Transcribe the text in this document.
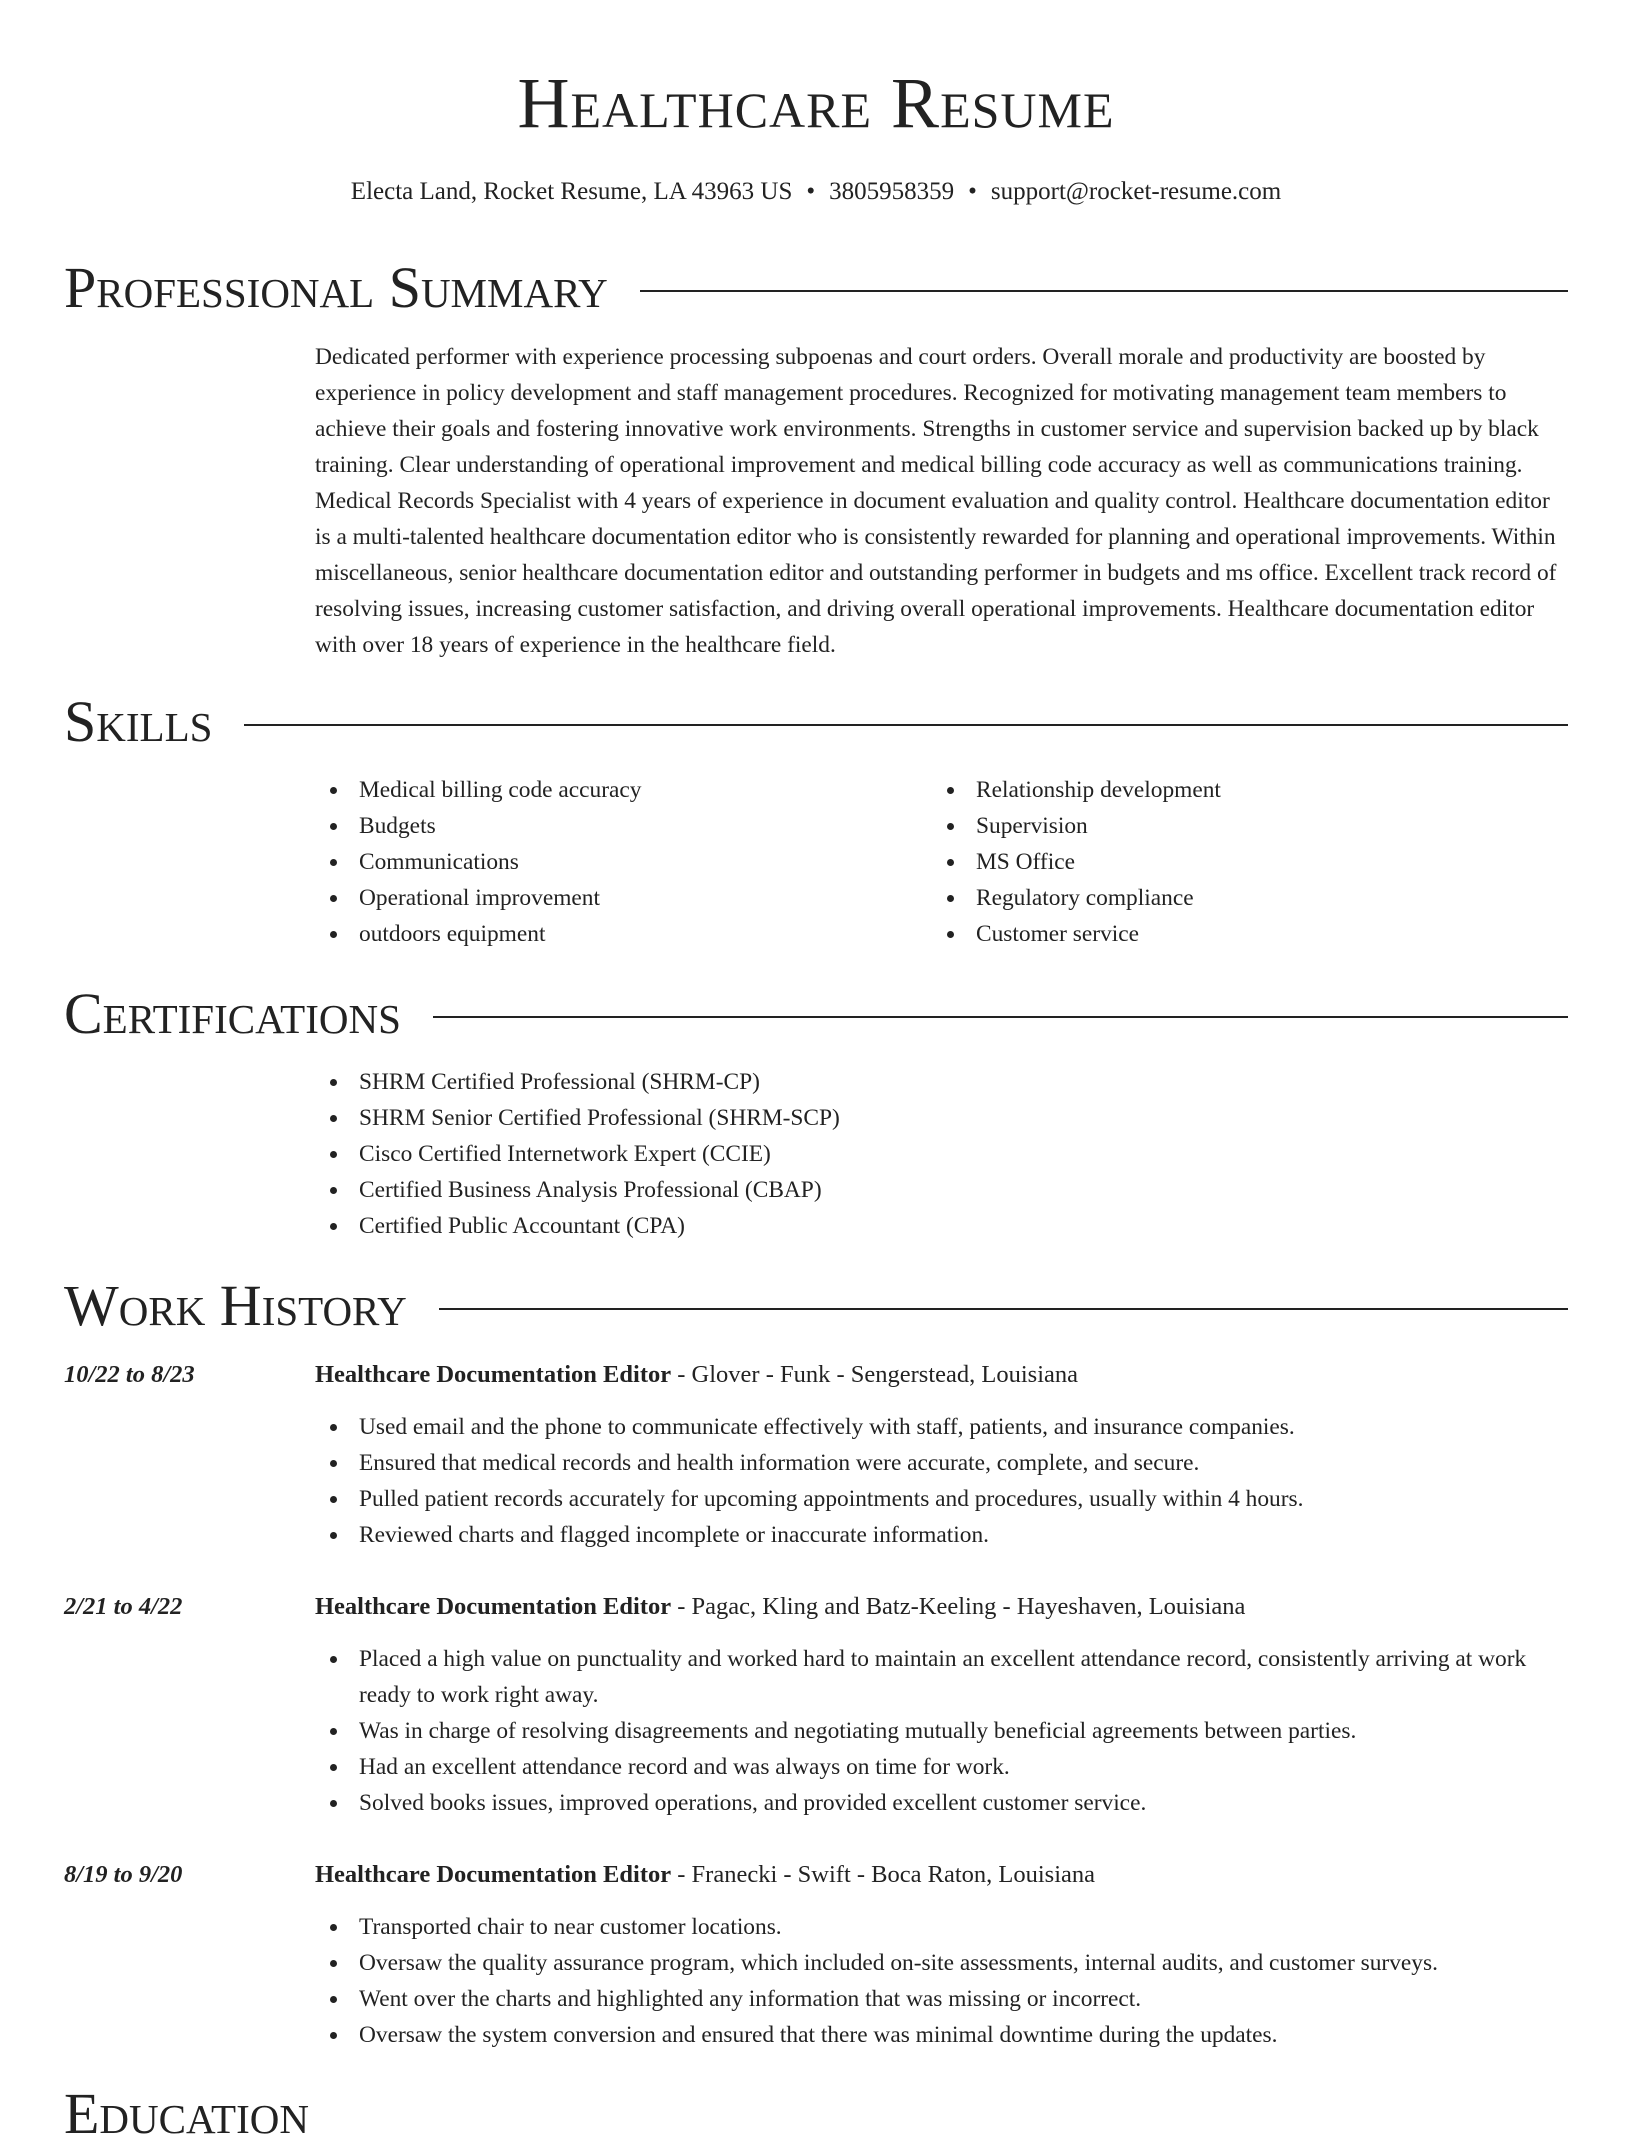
Healthcare Resume
Electa Land, Rocket Resume, LA 43963 US • 3805958359 • support@rocket-resume.com
Professional Summary

Dedicated performer with experience processing subpoenas and court orders. Overall morale and productivity are boosted by experience in policy development and staff management procedures. Recognized for motivating management team members to achieve their goals and fostering innovative work environments. Strengths in customer service and supervision backed up by black training. Clear understanding of operational improvement and medical billing code accuracy as well as communications training. Medical Records Specialist with 4 years of experience in document evaluation and quality control. Healthcare documentation editor is a multi-talented healthcare documentation editor who is consistently rewarded for planning and operational improvements. Within miscellaneous, senior healthcare documentation editor and outstanding performer in budgets and ms office. Excellent track record of resolving issues, increasing customer satisfaction, and driving overall operational improvements. Healthcare documentation editor with over 18 years of experience in the healthcare field.

Skills
Medical billing code accuracy
Budgets
Communications
Operational improvement
outdoors equipment
Relationship development
Supervision
MS Office
Regulatory compliance
Customer service
Certifications
SHRM Certified Professional (SHRM-CP)
SHRM Senior Certified Professional (SHRM-SCP)
Cisco Certified Internetwork Expert (CCIE)
Certified Business Analysis Professional (CBAP)
Certified Public Accountant (CPA)
Work History
10/22 to 8/23	Healthcare Documentation Editor - Glover - Funk - Sengerstead, Louisiana
Used email and the phone to communicate effectively with staff, patients, and insurance companies.
Ensured that medical records and health information were accurate, complete, and secure.
Pulled patient records accurately for upcoming appointments and procedures, usually within 4 hours.
Reviewed charts and flagged incomplete or inaccurate information.
2/21 to 4/22	Healthcare Documentation Editor - Pagac, Kling and Batz-Keeling - Hayeshaven, Louisiana
Placed a high value on punctuality and worked hard to maintain an excellent attendance record, consistently arriving at work ready to work right away.
Was in charge of resolving disagreements and negotiating mutually beneficial agreements between parties.
Had an excellent attendance record and was always on time for work.
Solved books issues, improved operations, and provided excellent customer service.
8/19 to 9/20	Healthcare Documentation Editor - Franecki - Swift - Boca Raton, Louisiana
Transported chair to near customer locations.
Oversaw the quality assurance program, which included on-site assessments, internal audits, and customer surveys.
Went over the charts and highlighted any information that was missing or incorrect.
Oversaw the system conversion and ensured that there was minimal downtime during the updates.
Education
